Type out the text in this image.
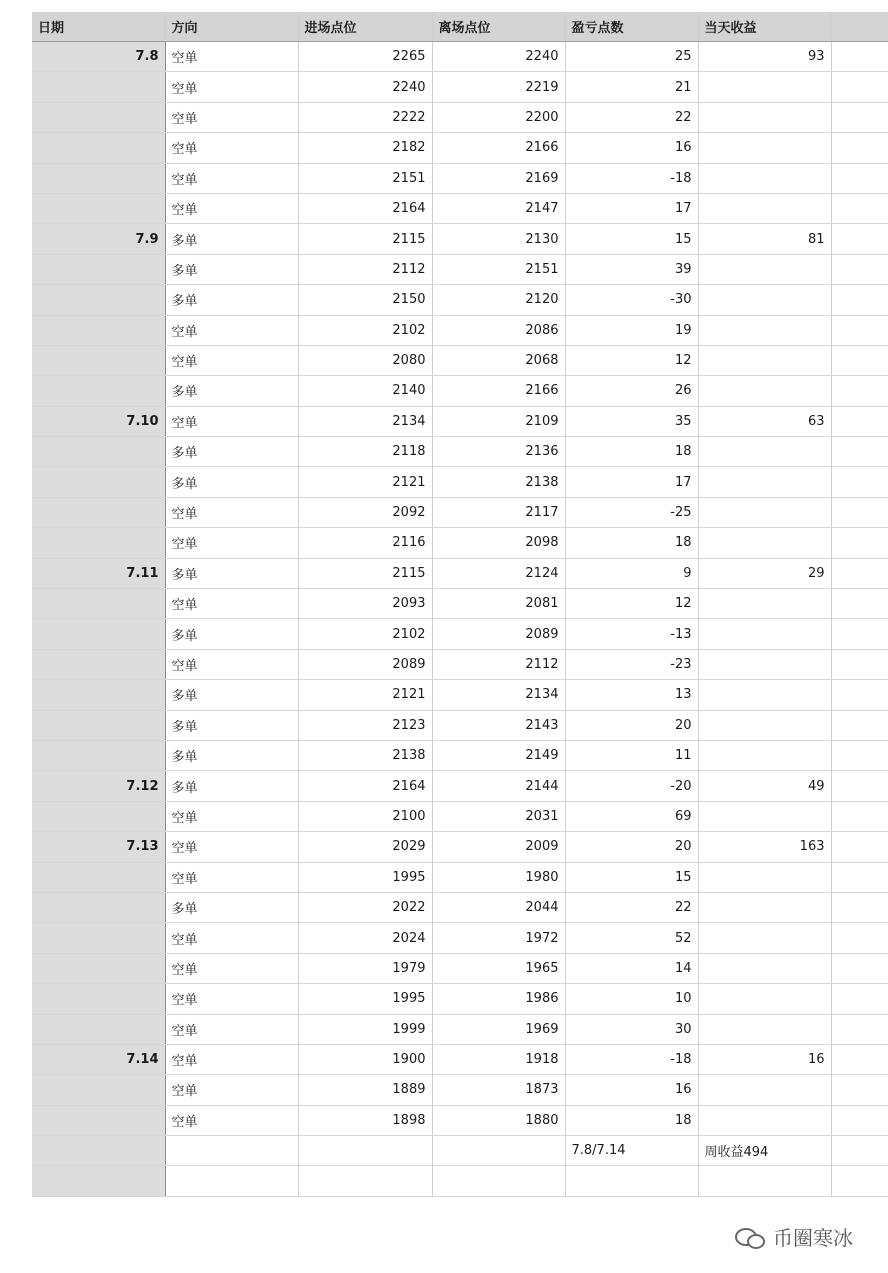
日期	方向	进场点位	离场点位	盈亏点数	当天收益	
7.8	空单	2265	2240	25	93	
	空单	2240	2219	21		
	空单	2222	2200	22		
	空单	2182	2166	16		
	空单	2151	2169	-18		
	空单	2164	2147	17		
7.9	多单	2115	2130	15	81	
	多单	2112	2151	39		
	多单	2150	2120	-30		
	空单	2102	2086	19		
	空单	2080	2068	12		
	多单	2140	2166	26		
7.10	空单	2134	2109	35	63	
	多单	2118	2136	18		
	多单	2121	2138	17		
	空单	2092	2117	-25		
	空单	2116	2098	18		
7.11	多单	2115	2124	9	29	
	空单	2093	2081	12		
	多单	2102	2089	-13		
	空单	2089	2112	-23		
	多单	2121	2134	13		
	多单	2123	2143	20		
	多单	2138	2149	11		
7.12	多单	2164	2144	-20	49	
	空单	2100	2031	69		
7.13	空单	2029	2009	20	163	
	空单	1995	1980	15		
	多单	2022	2044	22		
	空单	2024	1972	52		
	空单	1979	1965	14		
	空单	1995	1986	10		
	空单	1999	1969	30		
7.14	空单	1900	1918	-18	16	
	空单	1889	1873	16		
	空单	1898	1880	18		
				7.8/7.14	周收益494	

币圈寒冰
